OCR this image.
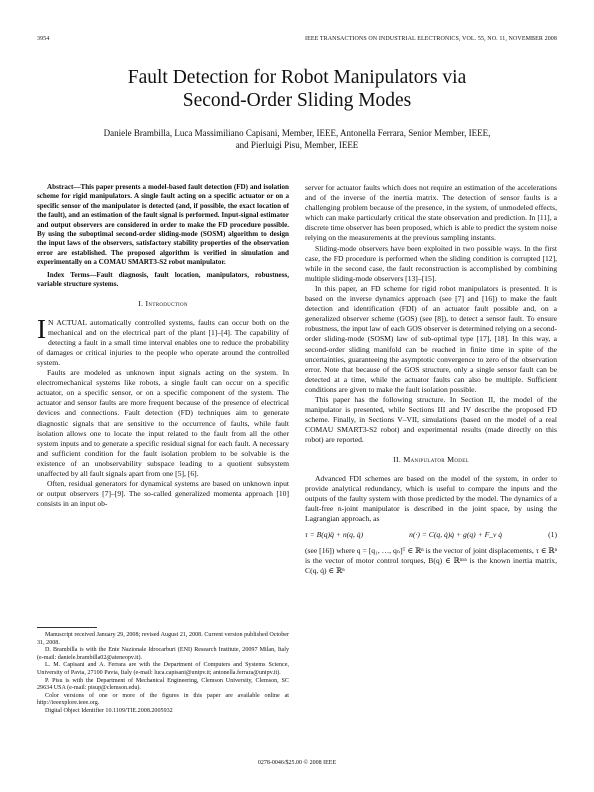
3954	IEEE TRANSACTIONS ON INDUSTRIAL ELECTRONICS, VOL. 55, NO. 11, NOVEMBER 2008
Fault Detection for Robot Manipulators via
Second-Order Sliding Modes
Daniele Brambilla, Luca Massimiliano Capisani, Member, IEEE, Antonella Ferrara, Senior Member, IEEE,
and Pierluigi Pisu, Member, IEEE

Abstract—This paper presents a model-based fault detection (FD) and isolation scheme for rigid manipulators. A single fault acting on a specific actuator or on a specific sensor of the manipulator is detected (and, if possible, the exact location of the fault), and an estimation of the fault signal is performed. Input-signal estimator and output observers are considered in order to make the FD procedure possible. By using the suboptimal second-order sliding-mode (SOSM) algorithm to design the input laws of the observers, satisfactory stability properties of the observation error are established. The proposed algorithm is verified in simulation and experimentally on a COMAU SMART3-S2 robot manipulator.

Index Terms—Fault diagnosis, fault location, manipulators, robustness, variable structure systems.

I. Introduction

I N ACTUAL automatically controlled systems, faults can occur both on the mechanical and on the electrical part of the plant [1]–[4]. The capability of detecting a fault in a small time interval enables one to reduce the probability of damages or critical injuries to the people who operate around the controlled system.

Faults are modeled as unknown input signals acting on the system. In electromechanical systems like robots, a single fault can occur on a specific actuator, on a specific sensor, or on a specific component of the system. The actuator and sensor faults are more frequent because of the presence of electrical devices and connections. Fault detection (FD) techniques aim to generate diagnostic signals that are sensitive to the occurrence of faults, while fault isolation allows one to locate the input related to the fault from all the other system inputs and to generate a specific residual signal for each fault. A necessary and sufficient condition for the fault isolation problem to be solvable is the existence of an unobservability subspace leading to a quotient subsystem unaffected by all fault signals apart from one [5], [6].

Often, residual generators for dynamical systems are based on unknown input or output observers [7]–[9]. The so-called generalized momenta approach [10] consists in an input ob-

Manuscript received January 29, 2008; revised August 21, 2008. Current version published October 31, 2008.

D. Brambilla is with the Ente Nazionale Idrocarburi (ENI) Research Institute, 20097 Milan, Italy (e-mail: daniele.brambilla02@ateneopv.it).

L. M. Capisani and A. Ferrara are with the Department of Computers and Systems Science, University of Pavia, 27100 Pavia, Italy (e-mail: luca.capisani@unipv.it; antonella.ferrara@unipv.it).

P. Pisu is with the Department of Mechanical Engineering, Clemson University, Clemson, SC 29634 USA (e-mail: pisup@clemson.edu).

Color versions of one or more of the figures in this paper are available online at http://ieeexplore.ieee.org.

Digital Object Identifier 10.1109/TIE.2008.2005932

server for actuator faults which does not require an estimation of the accelerations and of the inverse of the inertia matrix. The detection of sensor faults is a challenging problem because of the presence, in the system, of unmodeled effects, which can make particularly critical the state observation and prediction. In [11], a discrete time observer has been proposed, which is able to predict the system noise relying on the measurements at the previous sampling instants.

Sliding-mode observers have been exploited in two possible ways. In the first case, the FD procedure is performed when the sliding condition is corrupted [12], while in the second case, the fault reconstruction is accomplished by combining multiple sliding-mode observers [13]–[15].

In this paper, an FD scheme for rigid robot manipulators is presented. It is based on the inverse dynamics approach (see [7] and [16]) to make the fault detection and identification (FDI) of an actuator fault possible and, on a generalized observer scheme (GOS) (see [8]), to detect a sensor fault. To ensure robustness, the input law of each GOS observer is determined relying on a second-order sliding-mode (SOSM) law of sub-optimal type [17], [18]. In this way, a second-order sliding manifold can be reached in finite time in spite of the uncertainties, guaranteeing the asymptotic convergence to zero of the observation error. Note that because of the GOS structure, only a single sensor fault can be detected at a time, while the actuator faults can also be multiple. Sufficient conditions are given to make the fault isolation possible.

This paper has the following structure. In Section II, the model of the manipulator is presented, while Sections III and IV describe the proposed FD scheme. Finally, in Sections V–VII, simulations (based on the model of a real COMAU SMART3-S2 robot) and experimental results (made directly on this robot) are reported.

II. Manipulator Model

Advanced FDI schemes are based on the model of the system, in order to provide analytical redundancy, which is useful to compare the inputs and the outputs of the faulty system with those predicted by the model. The dynamics of a fault-free n-joint manipulator is described in the joint space, by using the Lagrangian approach, as

τ = B(q)q̈ + n(q, q̇)	n(·) = C(q, q̇)q̇ + g(q) + F_v q̇	(1)

(see [16]) where q = [q₁, …, qₙ]ᵀ ∈ ℝⁿ is the vector of joint displacements, τ ∈ ℝⁿ is the vector of motor control torques, B(q) ∈ ℝⁿˣⁿ is the known inertia matrix, C(q, q̇) ∈ ℝⁿ

0278-0046/$25.00 © 2008 IEEE
